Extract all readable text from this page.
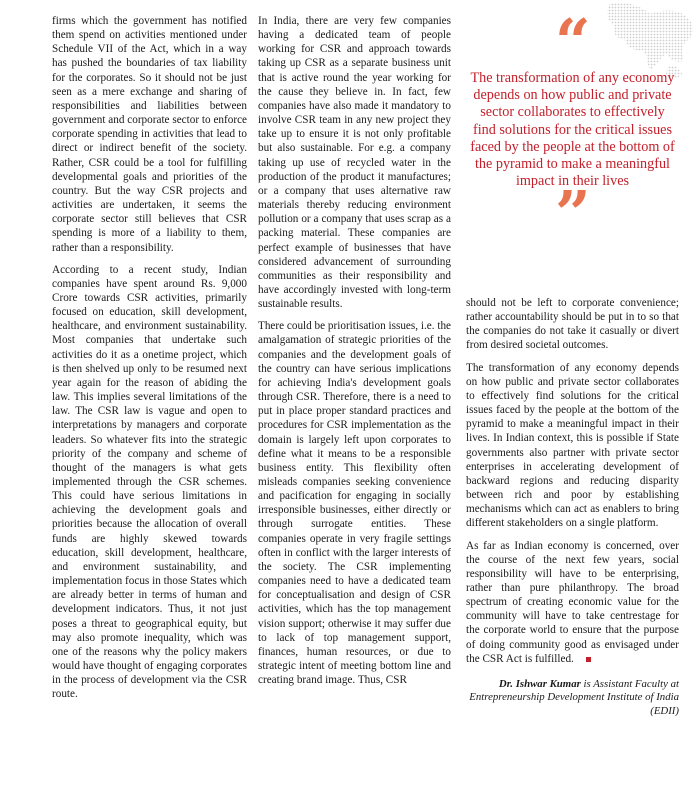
firms which the government has notified them spend on activities mentioned under Schedule VII of the Act, which in a way has pushed the boundaries of tax liability for the corporates. So it should not be just seen as a mere exchange and sharing of responsibilities and liabilities between government and corporate sector to enforce corporate spending in activities that lead to direct or indirect benefit of the society. Rather, CSR could be a tool for fulfilling developmental goals and priorities of the country. But the way CSR projects and activities are undertaken, it seems the corporate sector still believes that CSR spending is more of a liability to them, rather than a responsibility.

According to a recent study, Indian companies have spent around Rs. 9,000 Crore towards CSR activities, primarily focused on education, skill development, healthcare, and environment sustainability. Most companies that undertake such activities do it as a onetime project, which is then shelved up only to be resumed next year again for the reason of abiding the law. This implies several limitations of the law. The CSR law is vague and open to interpretations by managers and corporate leaders. So whatever fits into the strategic priority of the company and scheme of thought of the managers is what gets implemented through the CSR schemes. This could have serious limitations in achieving the development goals and priorities because the allocation of overall funds are highly skewed towards education, skill development, healthcare, and environment sustainability, and implementation focus in those States which are already better in terms of human and development indicators. Thus, it not just poses a threat to geographical equity, but may also promote inequality, which was one of the reasons why the policy makers would have thought of engaging corporates in the process of development via the CSR route.

In India, there are very few companies having a dedicated team of people working for CSR and approach towards taking up CSR as a separate business unit that is active round the year working for the cause they believe in. In fact, few companies have also made it mandatory to involve CSR team in any new project they take up to ensure it is not only profitable but also sustainable. For e.g. a company taking up use of recycled water in the production of the product it manufactures; or a company that uses alternative raw materials thereby reducing environment pollution or a company that uses scrap as a packing material. These companies are perfect example of businesses that have considered advancement of surrounding communities as their responsibility and have accordingly invested with long-term sustainable results.

There could be prioritisation issues, i.e. the amalgamation of strategic priorities of the companies and the development goals of the country can have serious implications for achieving India's development goals through CSR. Therefore, there is a need to put in place proper standard practices and procedures for CSR implementation as the domain is largely left upon corporates to define what it means to be a responsible business entity. This flexibility often misleads companies seeking convenience and pacification for engaging in socially irresponsible businesses, either directly or through surrogate entities. These companies operate in very fragile settings often in conflict with the larger interests of the society. The CSR implementing companies need to have a dedicated team for conceptualisation and design of CSR activities, which has the top management vision support; otherwise it may suffer due to lack of top management support, finances, human resources, or due to strategic intent of meeting bottom line and creating brand image. Thus, CSR

“
The transformation of any economy depends on how public and private sector collaborates to effectively find solutions for the critical issues faced by the people at the bottom of the pyramid to make a meaningful impact in their lives
”

should not be left to corporate convenience; rather accountability should be put in to so that the companies do not take it casually or divert from desired societal outcomes.

The transformation of any economy depends on how public and private sector collaborates to effectively find solutions for the critical issues faced by the people at the bottom of the pyramid to make a meaningful impact in their lives. In Indian context, this is possible if State governments also partner with private sector enterprises in accelerating development of backward regions and reducing disparity between rich and poor by establishing mechanisms which can act as enablers to bring different stakeholders on a single platform.

As far as Indian economy is concerned, over the course of the next few years, social responsibility will have to be enterprising, rather than pure philanthropy. The broad spectrum of creating economic value for the community will have to take centrestage for the corporate world to ensure that the purpose of doing community good as envisaged under the CSR Act is fulfilled.

Dr. Ishwar Kumar is Assistant Faculty at Entrepreneurship Development Institute of India (EDII)
